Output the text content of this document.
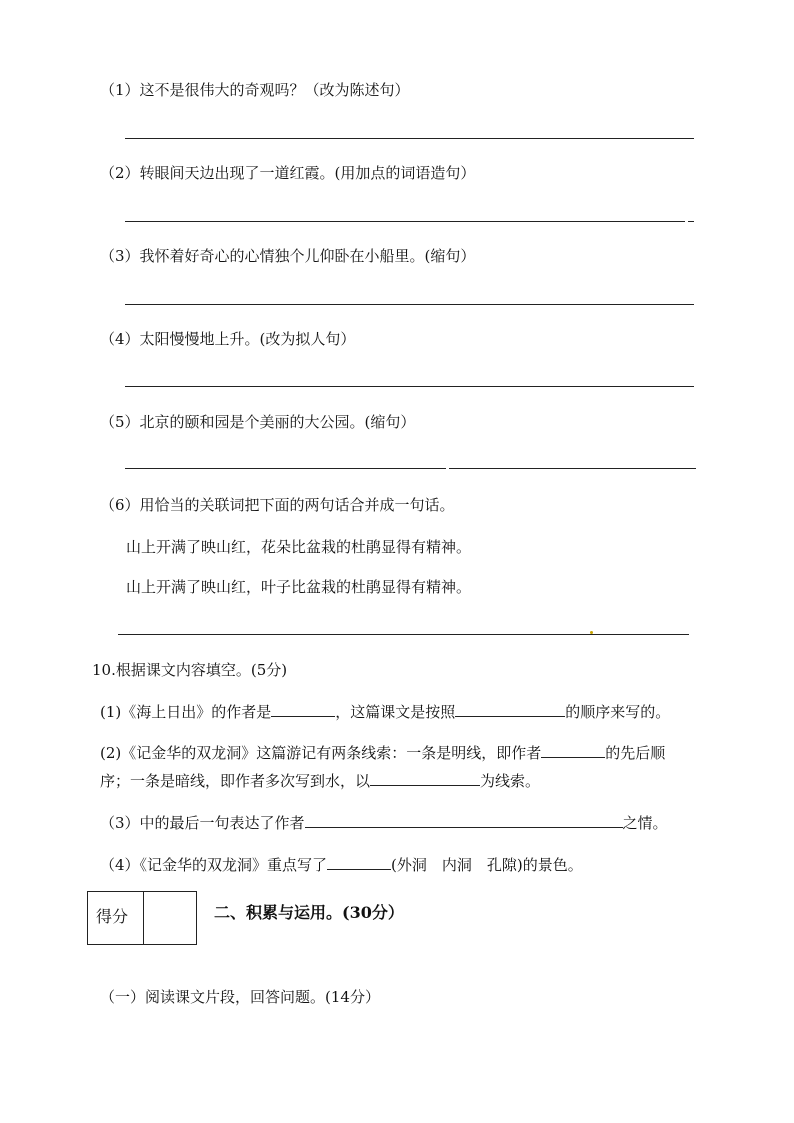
（1）这不是很伟大的奇观吗？（改为陈述句）
（2）转眼间天边出现了一道红霞。(用加点的词语造句）
（3）我怀着好奇心的心情独个儿仰卧在小船里。(缩句）
（4）太阳慢慢地上升。(改为拟人句）
（5）北京的颐和园是个美丽的大公园。(缩句）
（6）用恰当的关联词把下面的两句话合并成一句话。
山上开满了映山红，花朵比盆栽的杜鹃显得有精神。
山上开满了映山红，叶子比盆栽的杜鹃显得有精神。
10.根据课文内容填空。(5分)
(1)《海上日出》的作者是	，这篇课文是按照	的顺序来写的。
(2)《记金华的双龙洞》这篇游记有两条线索：一条是明线，即作者	的先后顺
序；一条是暗线，即作者多次写到水，以	为线索。
（3）中的最后一句表达了作者	之情。
（4）《记金华的双龙洞》重点写了	(外洞　内洞　孔隙)的景色。
得分	二、积累与运用。(30分）
（一）阅读课文片段，回答问题。(14分）
